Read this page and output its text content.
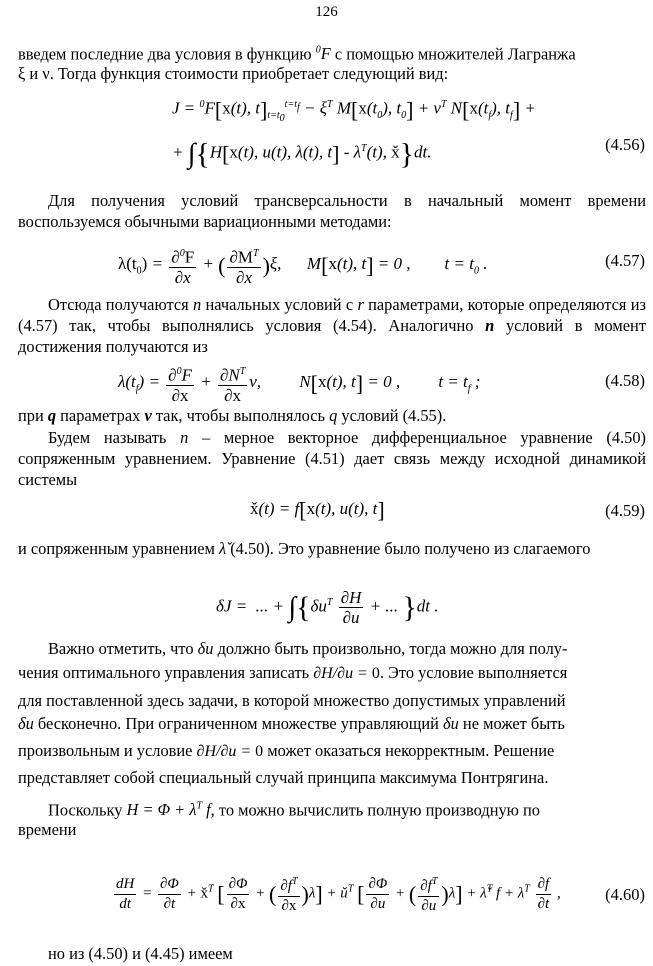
126
введем последние два условия в функцию $^0$F с помощью множителей Лагранжа
ξ и ν. Тогда функция стоимости приобретает следующий вид:
J = $^0$F[x(t), $t]_{t=t_0}^{t=t_f} - \xi^T$ $M[x(t_0)$, $t_0] + \nu^T$ $N[x(t_f)$, $t_f$] +
+ ∫{H[x(t), u(t), λ(t), $t] - \lambda^T(t)$, x̌}dt.	(4.56)
Для получения условий трансверсальности в начальный момент времени воспользуемся обычными вариационными методами:
$\lambda(t_0) = \frac{\partial^0F}{\partial x}$ + ( $\frac{\partial M^T}{\partial x} )\xi$,      M[x(t), t] = 0 ,        $t = t_0$ .	(4.57)
Отсюда получаются n начальных условий с r параметрами, которые определяются из (4.57) так, чтобы выполнялись условия (4.54). Аналогично n условий в момент достижения получаются из
$\lambda(t_f) = \frac{\partial^0F}{\partial x} + \frac{\partial N^T}{\partial x} \nu$,         N[x(t), t] = 0 ,         $t = t_f$ ;	(4.58)
при q параметрах ν так, чтобы выполнялось q условий (4.55).
Будем называть n – мерное векторное дифференциальное уравнение (4.50) сопряженным уравнением. Уравнение (4.51) дает связь между исходной динамикой системы
x̌(t) = f[x(t), u(t), t]	(4.59)
и сопряженным уравнением λ̌ (4.50). Это уравнение было получено из слагаемого
δJ =  ... + $\int\{\delta u^T \frac{\partial H}{\partial u}$ + ... }dt .
Важно отметить, что δu должно быть произвольно, тогда можно для полу-
чения оптимального управления записать ∂H/∂u = 0. Это условие выполняется
для поставленной здесь задачи, в которой множество допустимых управлений
δu бесконечно. При ограниченном множестве управляющий δu не может быть
произвольным и условие ∂H/∂u = 0 может оказаться некорректным. Решение
представляет собой специальный случай принципа максимума Понтрягина.
Поскольку $H = \Phi + \lambda^T$ f, то можно вычислить полную производную по
времени
$\frac{dH}{dt} = \frac{\partial\Phi}{\partial t}$ + x̌$^T$ [ $\frac{\partial\Phi}{\partial x}$ + ( $\frac{\partial f^T}{\partial x} )\lambda$] + $ǔ^T$ [ $\frac{\partial\Phi}{\partial u}$ + ( $\frac{\partial f^T}{\partial u} )\lambda$] + λ̌$^T$ $f + \lambda^T \frac{\partial f}{\partial t}$ ,	(4.60)
но из (4.50) и (4.45) имеем
